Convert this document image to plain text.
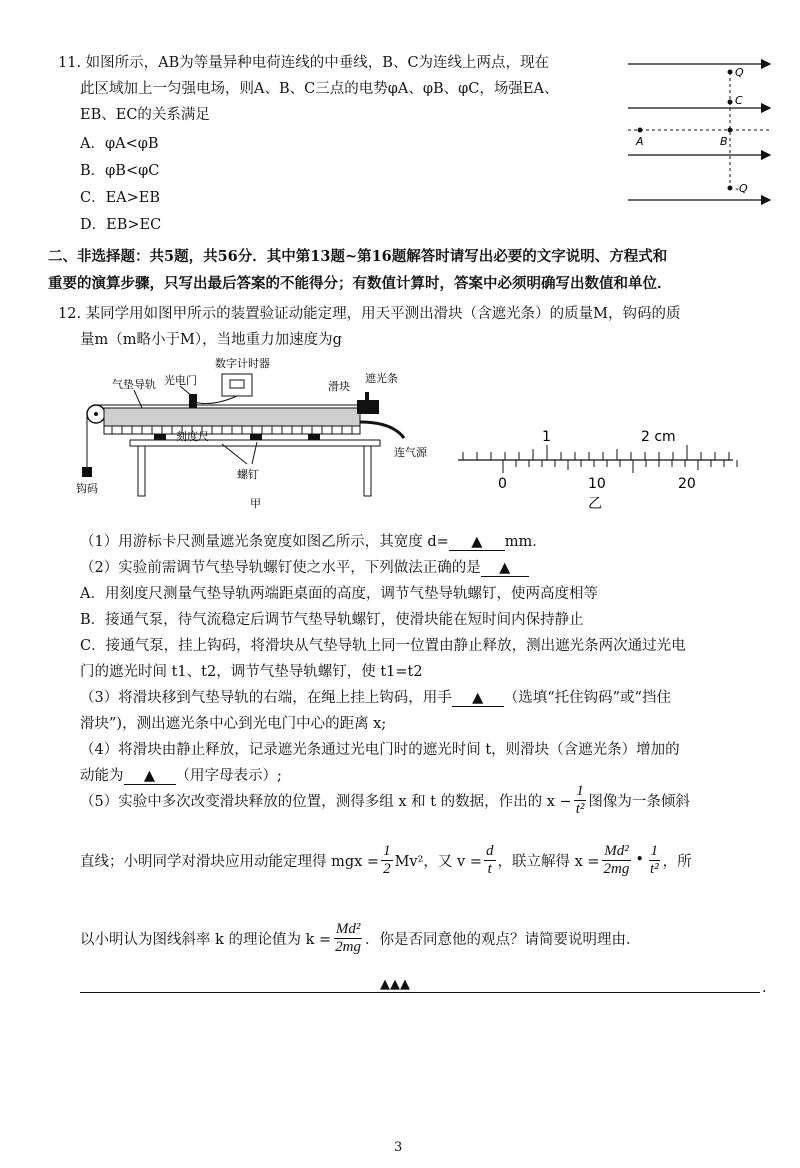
11. 如图所示，AB为等量异种电荷连线的中垂线，B、C为连线上两点，现在
此区域加上一匀强电场，则A、B、C三点的电势φA、φB、φC，场强EA、
EB、EC的关系满足
A．φA<φB
B．φB<φC
C．EA>EB
D．EB>EC
Q
C
A	B
-Q
二、非选择题：共5题，共56分．其中第13题~第16题解答时请写出必要的文字说明、方程式和
重要的演算步骤，只写出最后答案的不能得分；有数值计算时，答案中必须明确写出数值和单位．
12. 某同学用如图甲所示的装置验证动能定理，用天平测出滑块（含遮光条）的质量M，钩码的质
量m（m略小于M），当地重力加速度为g
数字计时器
钩码
光电门
气垫导轨	滑块
遮光条
连气源
刻度尺
螺钉
甲
1	2 cm
0	10	20
乙
（1）用游标卡尺测量遮光条宽度如图乙所示，其宽度 d= ▲ mm．
（2）实验前需调节气垫导轨螺钉使之水平，下列做法正确的是 ▲
A．用刻度尺测量气垫导轨两端距桌面的高度，调节气垫导轨螺钉，使两高度相等
B．接通气泵，待气流稳定后调节气垫导轨螺钉，使滑块能在短时间内保持静止
C．接通气泵，挂上钩码，将滑块从气垫导轨上同一位置由静止释放，测出遮光条两次通过光电
门的遮光时间 t1、t2，调节气垫导轨螺钉，使 t1=t2
（3）将滑块移到气垫导轨的右端，在绳上挂上钩码，用手 ▲ （选填“托住钩码”或“挡住
滑块”)，测出遮光条中心到光电门中心的距离 x;
（4）将滑块由静止释放，记录遮光条通过光电门时的遮光时间 t，则滑块（含遮光条）增加的
动能为 ▲ （用字母表示）;
（5）实验中多次改变滑块释放的位置，测得多组 x 和 t 的数据，作出的 $x - \frac{1}{\text{t²}}$ 图像为一条倾斜
直线；小明同学对滑块应用动能定理得 mgx = $\frac{1}{2} Mv^2$，又 $v = \frac{d}{t}$ ，联立解得 $x = \frac{\text{Md²}}{2mg}$ •
1
t² ，所
以小明认为图线斜率 k 的理论值为 $k = \frac{\text{Md²}}{2mg}$ ．你是否同意他的观点？请简要说明理由．
▲▲▲	.
3
